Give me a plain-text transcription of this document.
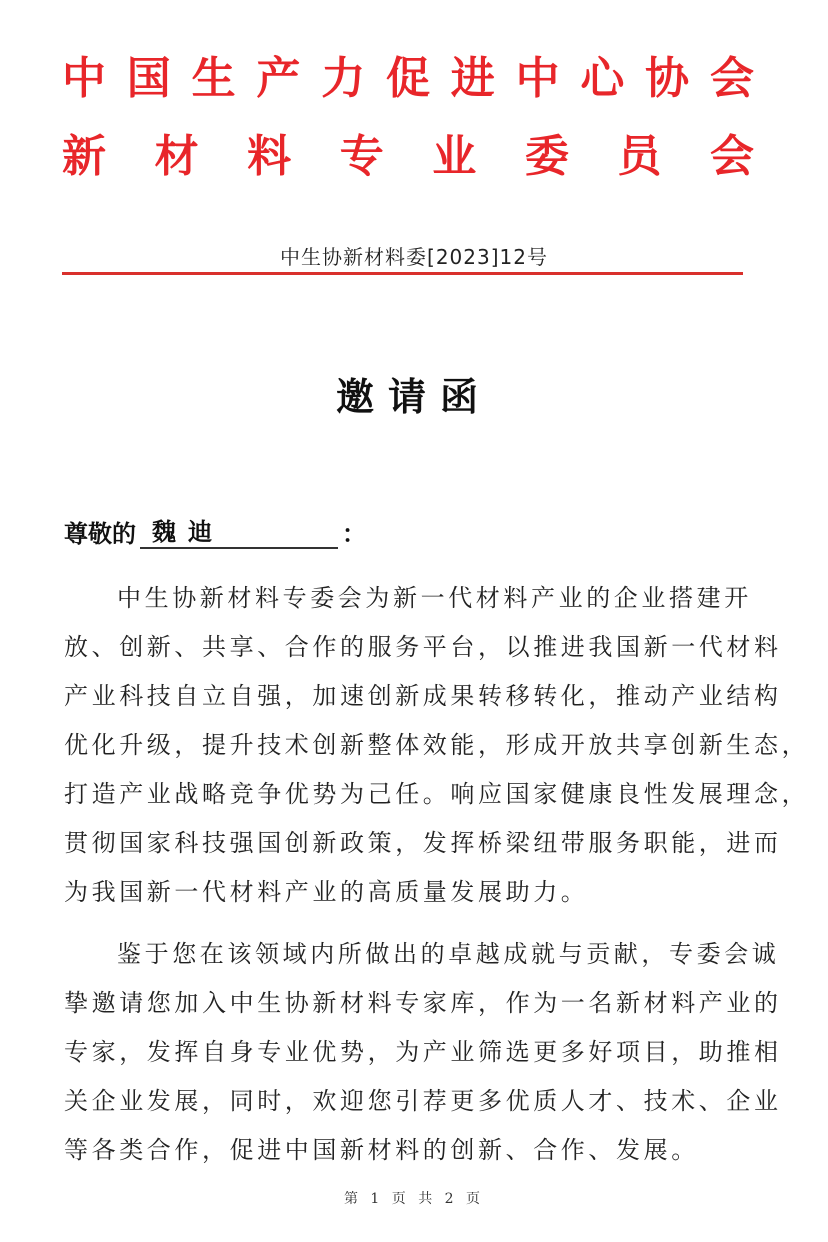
中 国 生 产 力 促 进 中 心 协 会
新 材 料 专 业 委 员 会
中生协新材料委[2023]12号
邀请函
尊敬的 魏迪	：
中生协新材料专委会为新一代材料产业的企业搭建开
放、创新、共享、合作的服务平台，以推进我国新一代材料
产业科技自立自强，加速创新成果转移转化，推动产业结构
优化升级，提升技术创新整体效能，形成开放共享创新生态，
打造产业战略竞争优势为己任。响应国家健康良性发展理念，
贯彻国家科技强国创新政策，发挥桥梁纽带服务职能，进而
为我国新一代材料产业的高质量发展助力。
鉴于您在该领域内所做出的卓越成就与贡献，专委会诚
挚邀请您加入中生协新材料专家库，作为一名新材料产业的
专家，发挥自身专业优势，为产业筛选更多好项目，助推相
关企业发展，同时，欢迎您引荐更多优质人才、技术、企业
等各类合作，促进中国新材料的创新、合作、发展。
第 1 页 共 2 页
